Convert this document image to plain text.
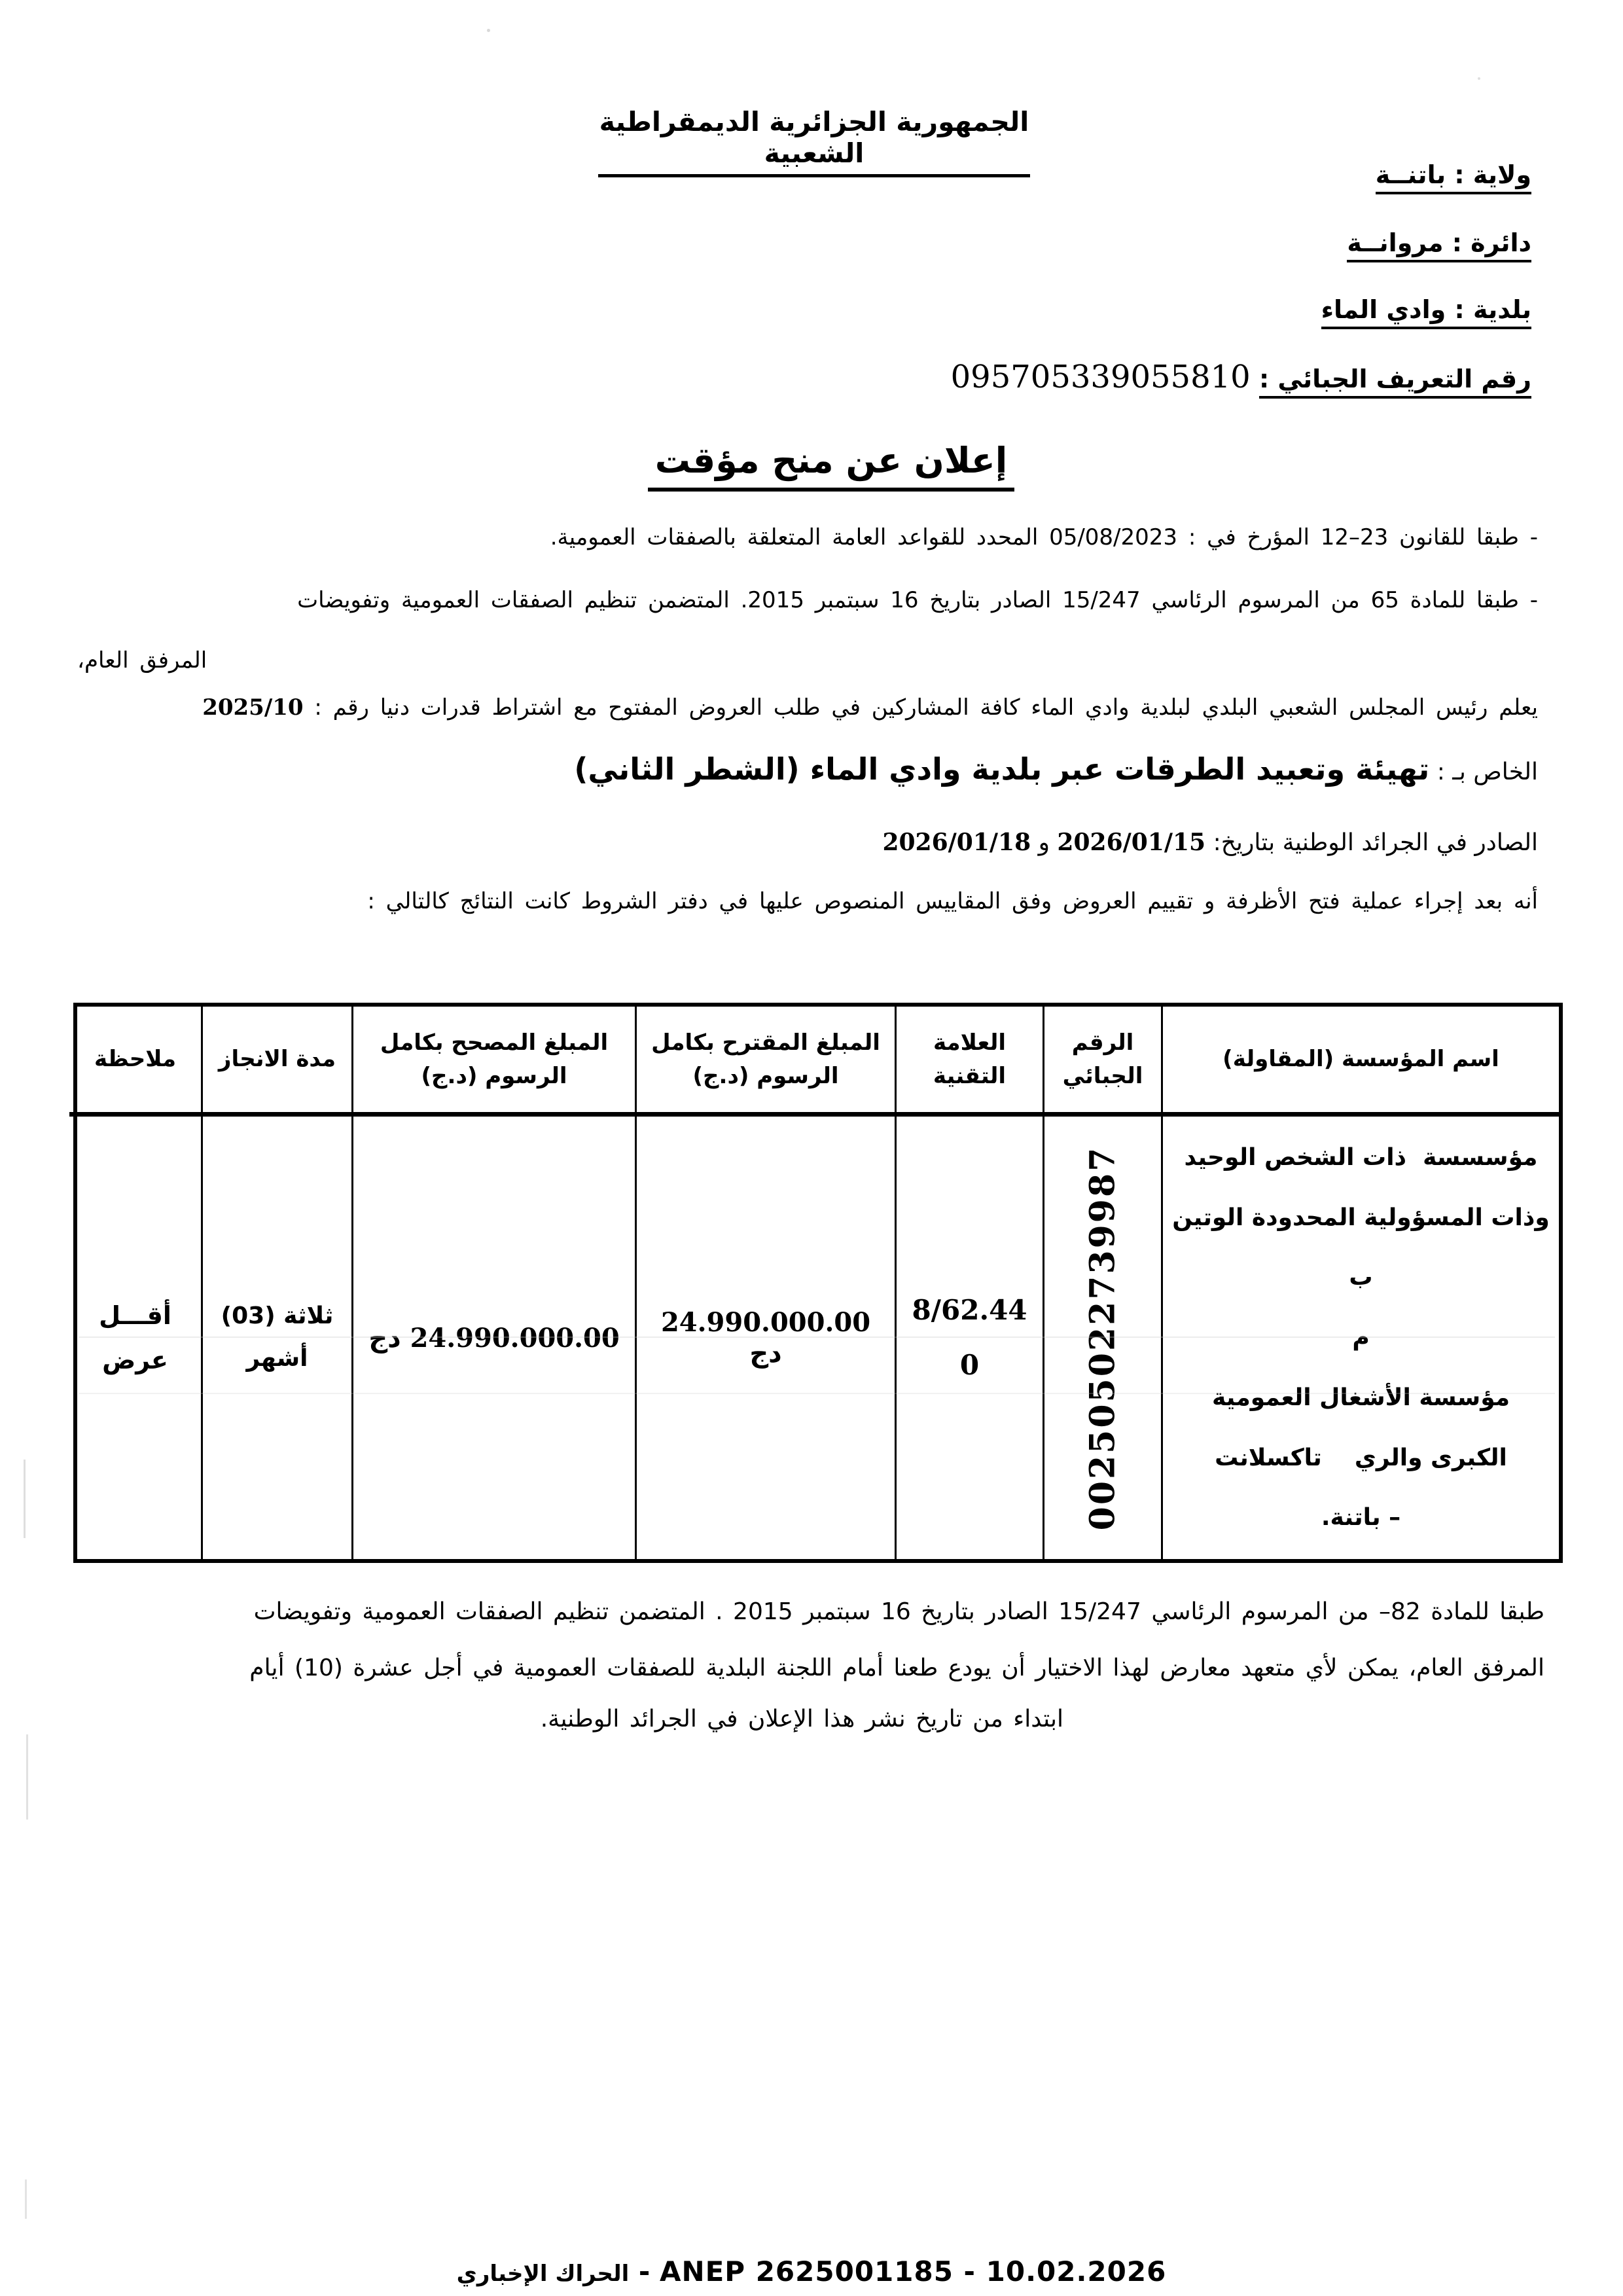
الجمهورية الجزائرية الديمقراطية الشعبية
ولاية : باتنــة
دائرة : مروانــة
بلدية : وادي الماء
رقم التعريف الجبائي : 095705339055810
إعلان عن منح مؤقت
- طبقا للقانون 23–12 المؤرخ في : 05/08/2023 المحدد للقواعد العامة المتعلقة بالصفقات العمومية.
- طبقا للمادة 65 من المرسوم الرئاسي 15/247 الصادر بتاريخ 16 سبتمبر 2015. المتضمن تنظيم الصفقات العمومية وتفويضات
المرفق العام،
يعلم رئيس المجلس الشعبي البلدي لبلدية وادي الماء كافة المشاركين في طلب العروض المفتوح مع اشتراط قدرات دنيا رقم : 2025/10
الخاص بـ : تهيئة وتعبيد الطرقات عبر بلدية وادي الماء (الشطر الثاني)
الصادر في الجرائد الوطنية بتاريخ: 2026/01/15 و 2026/01/18
أنه بعد إجراء عملية فتح الأظرفة و تقييم العروض وفق المقاييس المنصوص عليها في دفتر الشروط كانت النتائج كالتالي :
اسم المؤسسة (المقاولة)
الرقم الجبائي
العلامة التقنية
المبلغ المقترح بكامل الرسوم (د.ج)
المبلغ المصحح بكامل الرسوم (د.ج)
مدة الانجاز
ملاحظة
مؤسسسة  ذات الشخص الوحيد
وذات المسؤولية المحدودة الوتين ب
م
مؤسسة الأشغال العمومية
الكبرى والري    تاكسلانت
– باتنة.
002505022739987
8/62.44
0
24.990.000.00 دج
24.990.000.00 دج
ثلاثة (03)
أشهر
أقـــل
عرض
طبقا للمادة 82– من المرسوم الرئاسي 15/247 الصادر بتاريخ 16 سبتمبر 2015 . المتضمن تنظيم الصفقات العمومية وتفويضات
المرفق العام، يمكن لأي متعهد معارض لهذا الاختيار أن يودع طعنا أمام اللجنة البلدية للصفقات العمومية في أجل عشرة (10) أيام
ابتداء من تاريخ نشر هذا الإعلان في الجرائد الوطنية.
الحراك الإخباري - ANEP 2625001185 - 10.02.2026
